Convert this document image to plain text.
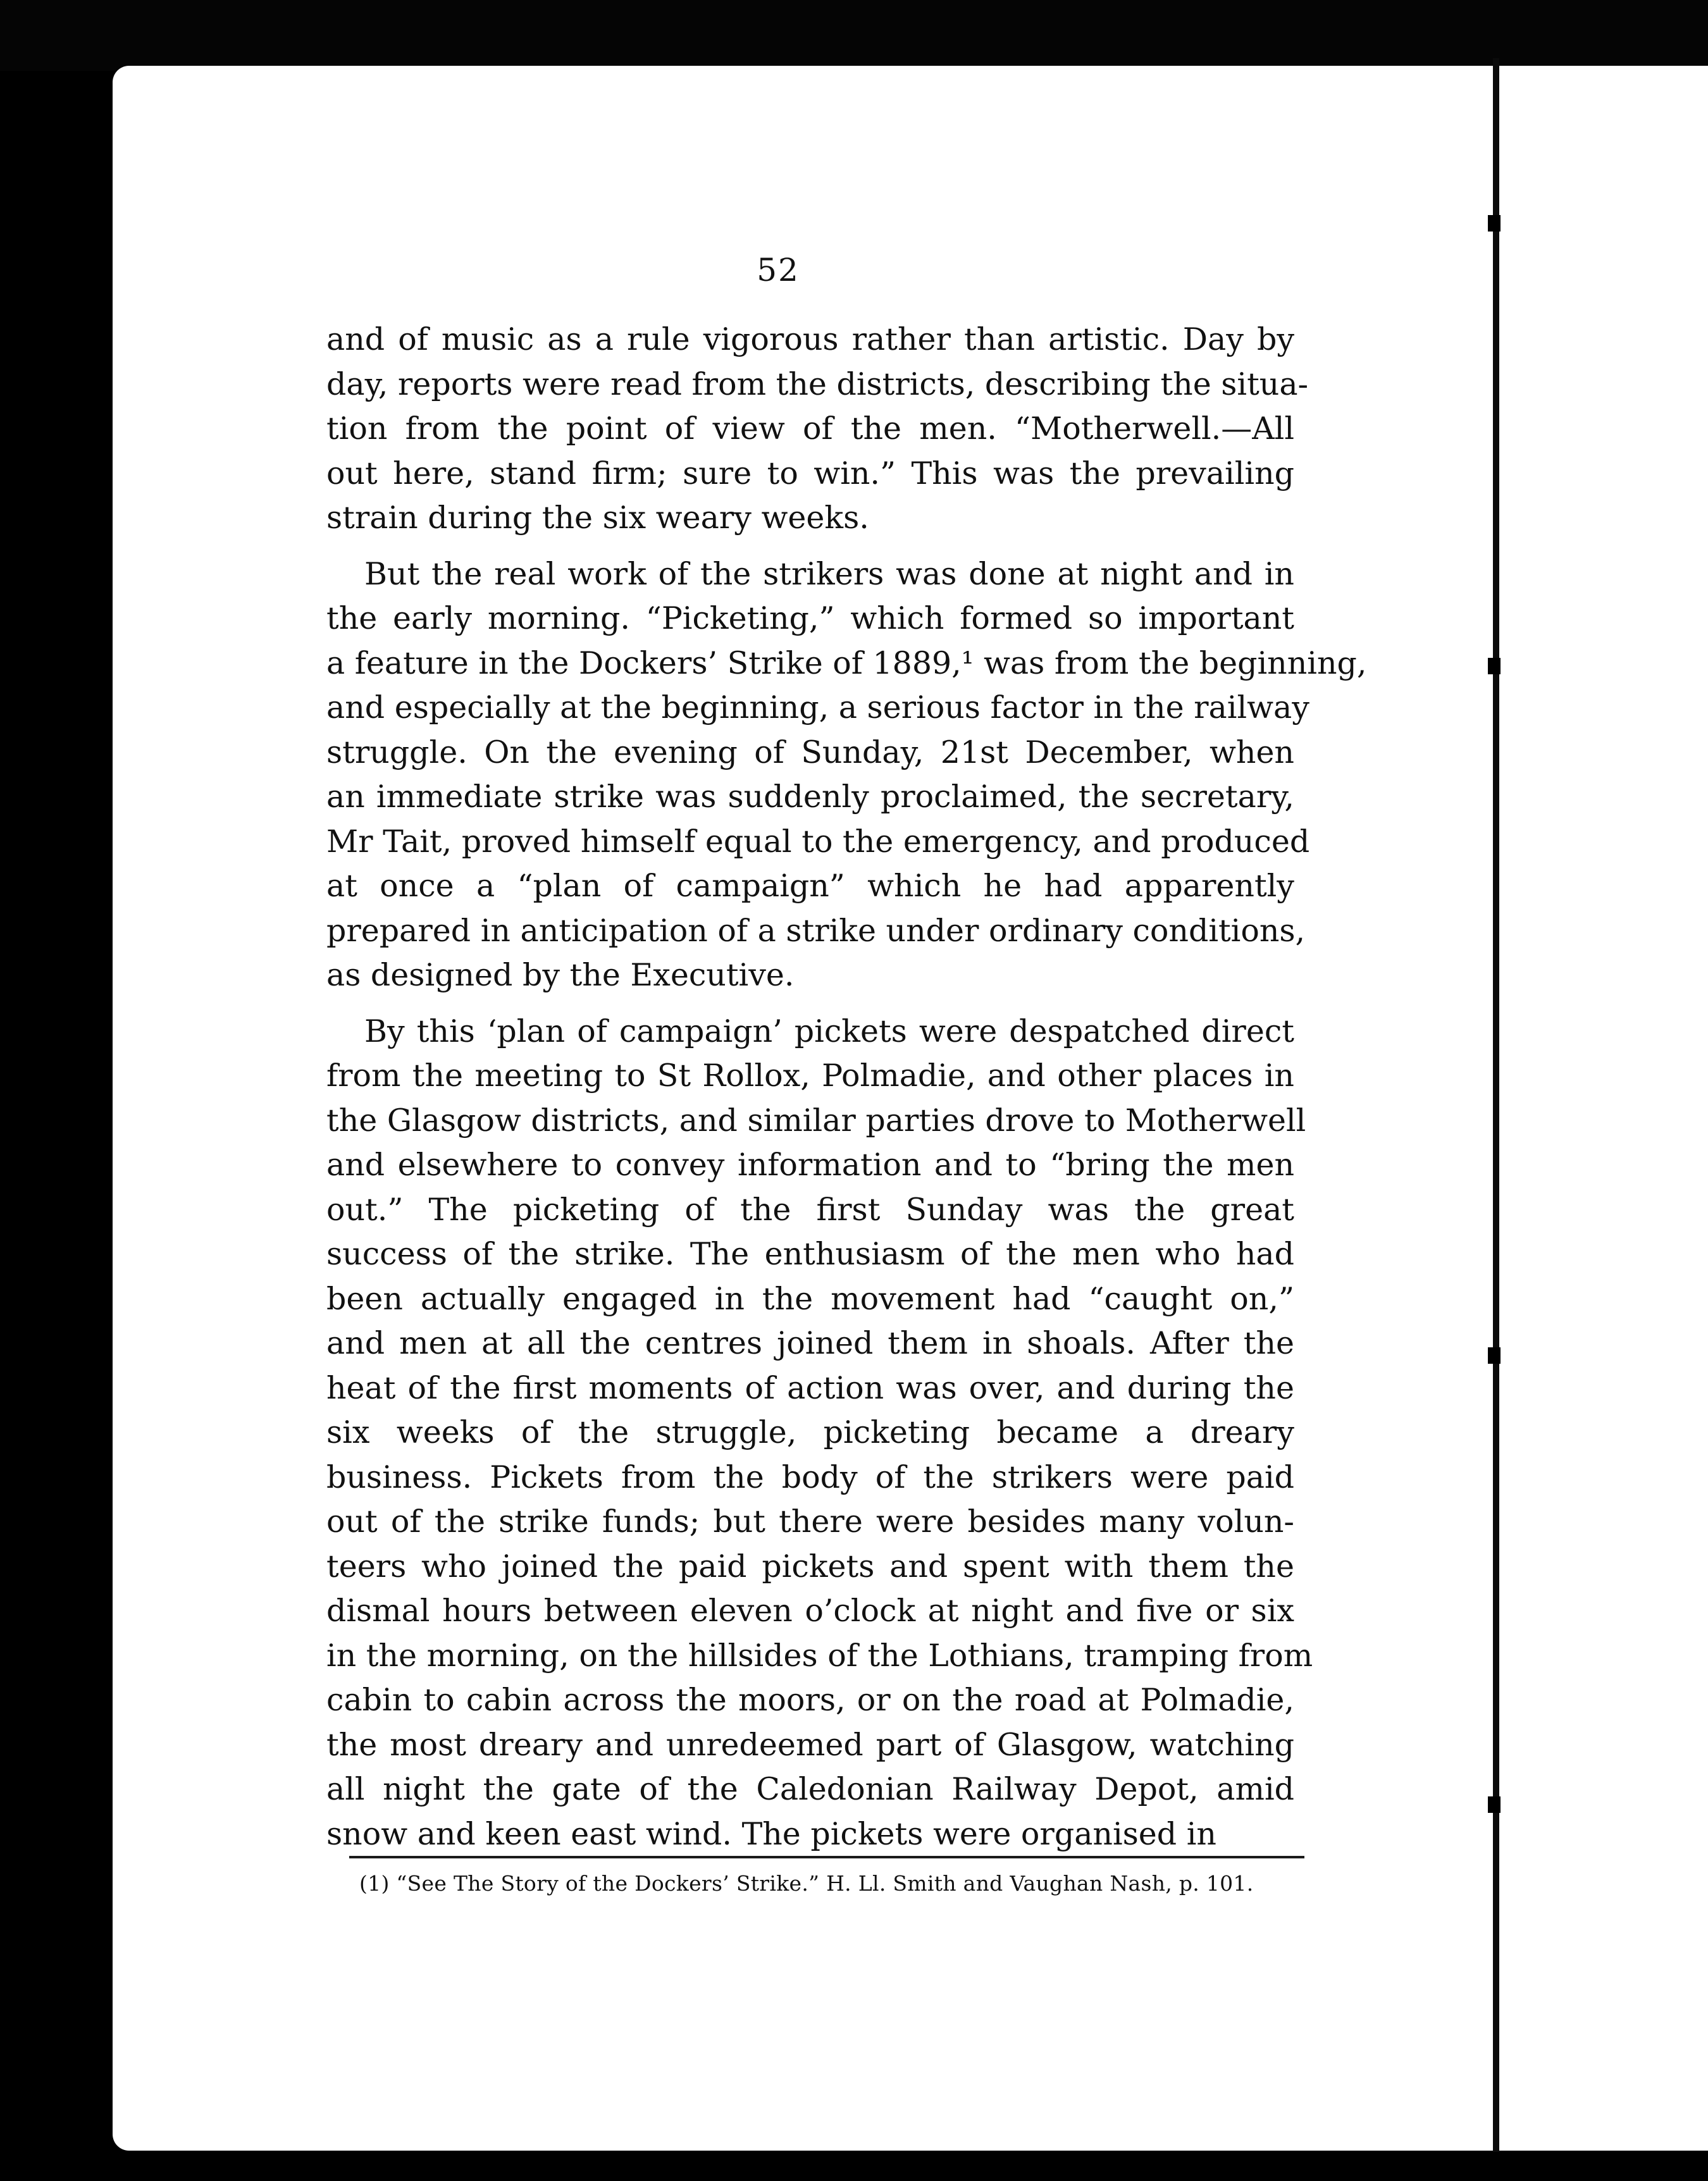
52

and of music as a rule vigorous rather than artistic. Day by
day, reports were read from the districts, describing the situa-
tion from the point of view of the men. “Motherwell.—All
out here, stand firm; sure to win.” This was the prevailing
strain during the six weary weeks.

But the real work of the strikers was done at night and in
the early morning. “Picketing,” which formed so important
a feature in the Dockers’ Strike of 1889,¹ was from the beginning,
and especially at the beginning, a serious factor in the railway
struggle. On the evening of Sunday, 21st December, when
an immediate strike was suddenly proclaimed, the secretary,
Mr Tait, proved himself equal to the emergency, and produced
at once a “plan of campaign” which he had apparently
prepared in anticipation of a strike under ordinary conditions,
as designed by the Executive.

By this ‘plan of campaign’ pickets were despatched direct
from the meeting to St Rollox, Polmadie, and other places in
the Glasgow districts, and similar parties drove to Motherwell
and elsewhere to convey information and to “bring the men
out.” The picketing of the first Sunday was the great
success of the strike. The enthusiasm of the men who had
been actually engaged in the movement had “caught on,”
and men at all the centres joined them in shoals. After the
heat of the first moments of action was over, and during the
six weeks of the struggle, picketing became a dreary
business. Pickets from the body of the strikers were paid
out of the strike funds; but there were besides many volun-
teers who joined the paid pickets and spent with them the
dismal hours between eleven o’clock at night and five or six
in the morning, on the hillsides of the Lothians, tramping from
cabin to cabin across the moors, or on the road at Polmadie,
the most dreary and unredeemed part of Glasgow, watching
all night the gate of the Caledonian Railway Depot, amid
snow and keen east wind. The pickets were organised in

(1) “See The Story of the Dockers’ Strike.” H. Ll. Smith and Vaughan Nash, p. 101.
